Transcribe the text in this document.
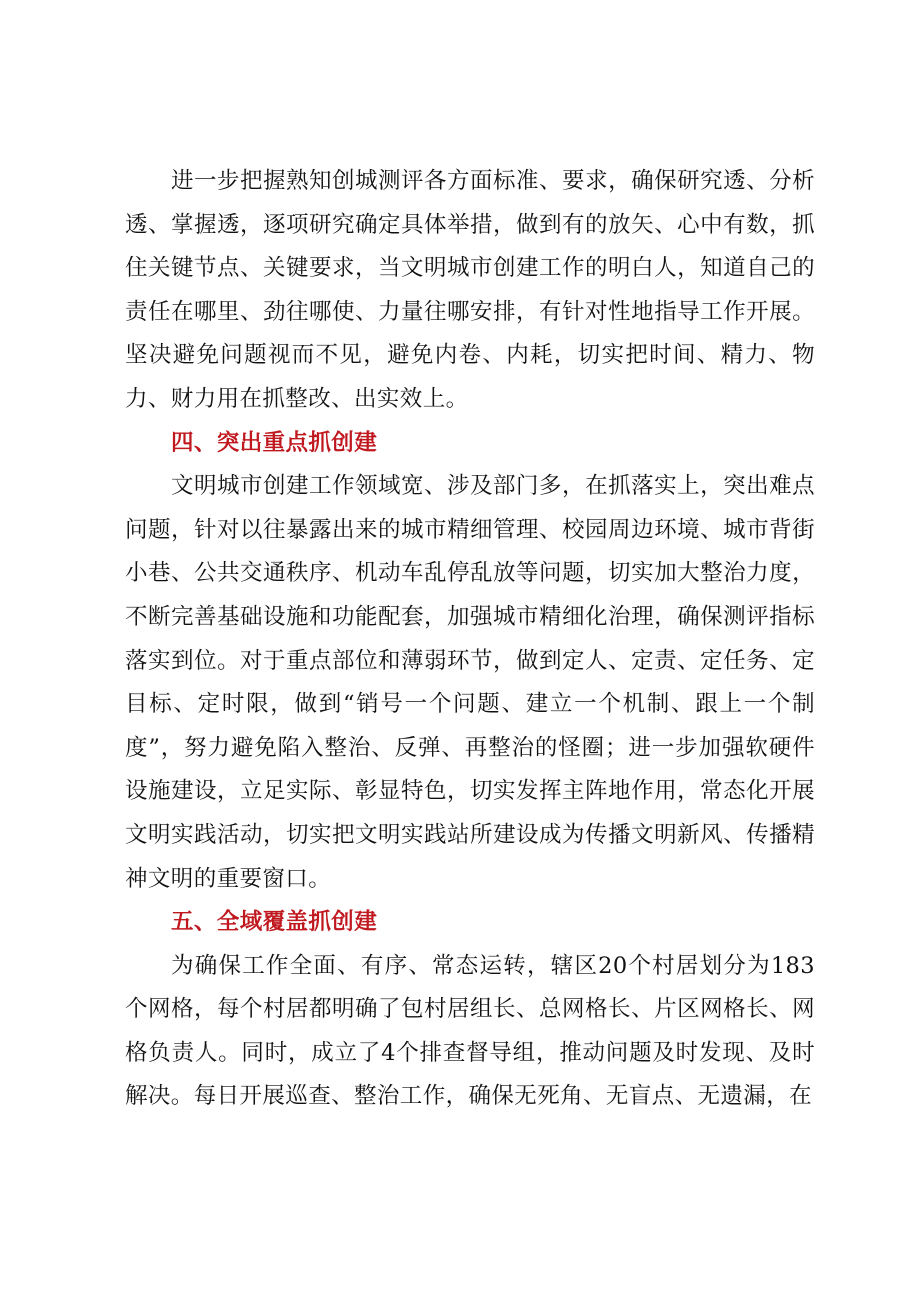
进一步把握熟知创城测评各方面标准、要求，确保研究透、分析透、掌握透，逐项研究确定具体举措，做到有的放矢、心中有数，抓住关键节点、关键要求，当文明城市创建工作的明白人，知道自己的责任在哪里、劲往哪使、力量往哪安排，有针对性地指导工作开展。坚决避免问题视而不见，避免内卷、内耗，切实把时间、精力、物力、财力用在抓整改、出实效上。

四、突出重点抓创建

文明城市创建工作领域宽、涉及部门多，在抓落实上，突出难点问题，针对以往暴露出来的城市精细管理、校园周边环境、城市背街小巷、公共交通秩序、机动车乱停乱放等问题，切实加大整治力度，不断完善基础设施和功能配套，加强城市精细化治理，确保测评指标落实到位。对于重点部位和薄弱环节，做到定人、定责、定任务、定目标、定时限，做到“销号一个问题、建立一个机制、跟上一个制度”，努力避免陷入整治、反弹、再整治的怪圈；进一步加强软硬件设施建设，立足实际、彰显特色，切实发挥主阵地作用，常态化开展文明实践活动，切实把文明实践站所建设成为传播文明新风、传播精神文明的重要窗口。

五、全域覆盖抓创建

为确保工作全面、有序、常态运转，辖区20个村居划分为183个网格，每个村居都明确了包村居组长、总网格长、片区网格长、网格负责人。同时，成立了4个排查督导组，推动问题及时发现、及时解决。每日开展巡查、整治工作，确保无死角、无盲点、无遗漏，在
